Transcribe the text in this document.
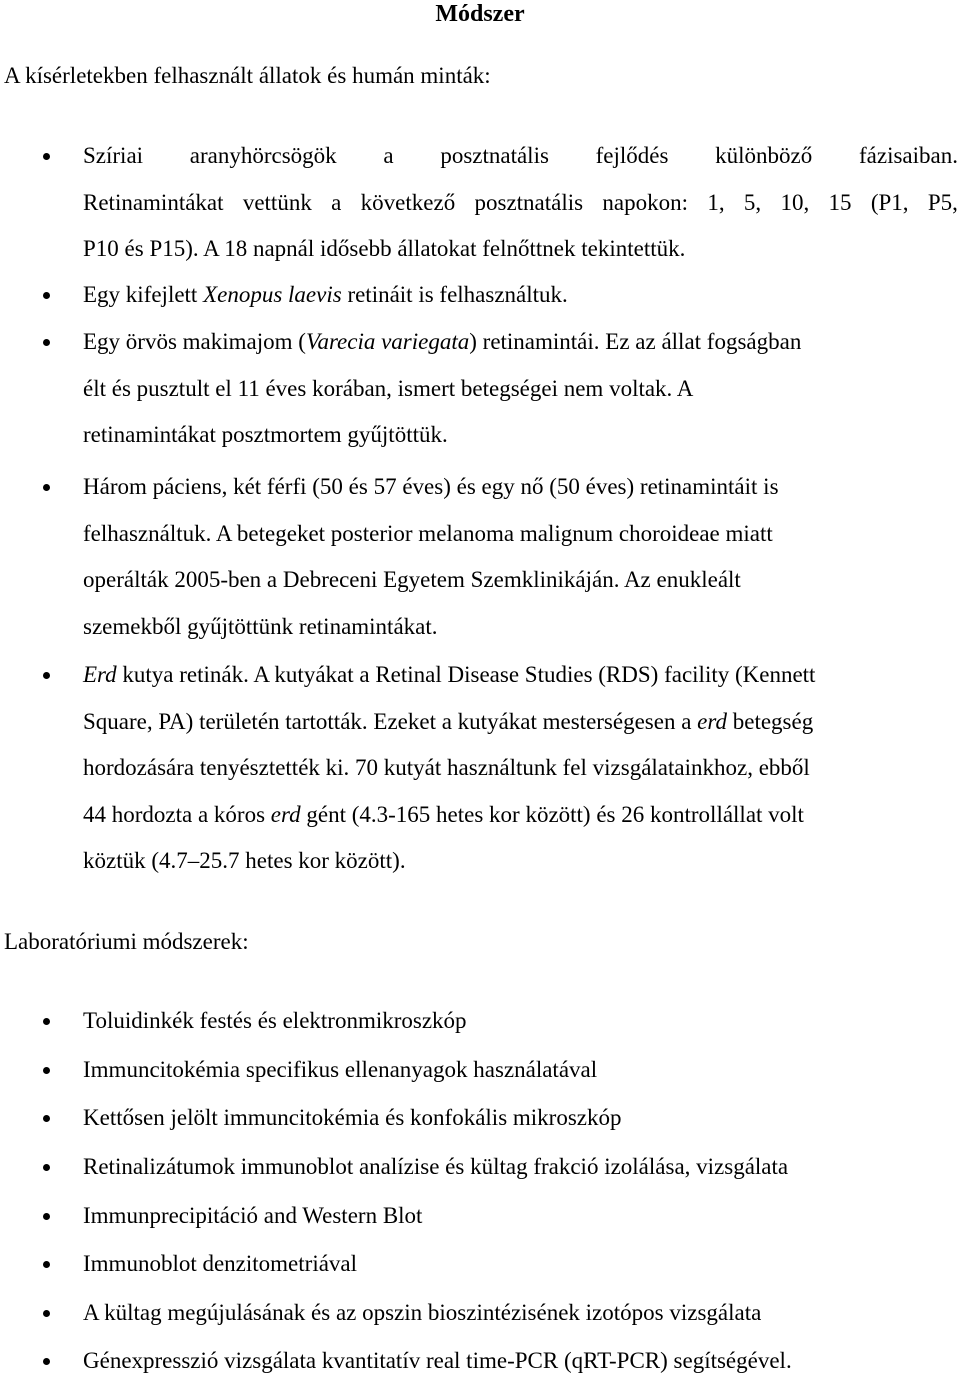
Módszer
A kísérletekben felhasznált állatok és humán minták:
Szíriai aranyhörcsögök a posztnatális fejlődés különböző fázisaiban.
Retinamintákat vettünk a következő posztnatális napokon: 1, 5, 10, 15 (P1, P5,
P10 és P15). A 18 napnál idősebb állatokat felnőttnek tekintettük.
Egy kifejlett Xenopus laevis retináit is felhasználtuk.
Egy örvös makimajom (Varecia variegata) retinamintái. Ez az állat fogságban
élt és pusztult el 11 éves korában, ismert betegségei nem voltak. A
retinamintákat posztmortem gyűjtöttük.
Három páciens, két férfi (50 és 57 éves) és egy nő (50 éves) retinamintáit is
felhasználtuk. A betegeket posterior melanoma malignum choroideae miatt
operálták 2005-ben a Debreceni Egyetem Szemklinikáján. Az enukleált
szemekből gyűjtöttünk retinamintákat.
Erd kutya retinák. A kutyákat a Retinal Disease Studies (RDS) facility (Kennett
Square, PA) területén tartották. Ezeket a kutyákat mesterségesen a erd betegség
hordozására tenyésztették ki. 70 kutyát használtunk fel vizsgálatainkhoz, ebből
44 hordozta a kóros erd gént (4.3-165 hetes kor között) és 26 kontrollállat volt
köztük (4.7–25.7 hetes kor között).
Laboratóriumi módszerek:
Toluidinkék festés és elektronmikroszkóp
Immuncitokémia specifikus ellenanyagok használatával
Kettősen jelölt immuncitokémia és konfokális mikroszkóp
Retinalizátumok immunoblot analízise és kültag frakció izolálása, vizsgálata
Immunprecipitáció and Western Blot
Immunoblot denzitometriával
A kültag megújulásának és az opszin bioszintézisének izotópos vizsgálata
Génexpresszió vizsgálata kvantitatív real time-PCR (qRT-PCR) segítségével.
